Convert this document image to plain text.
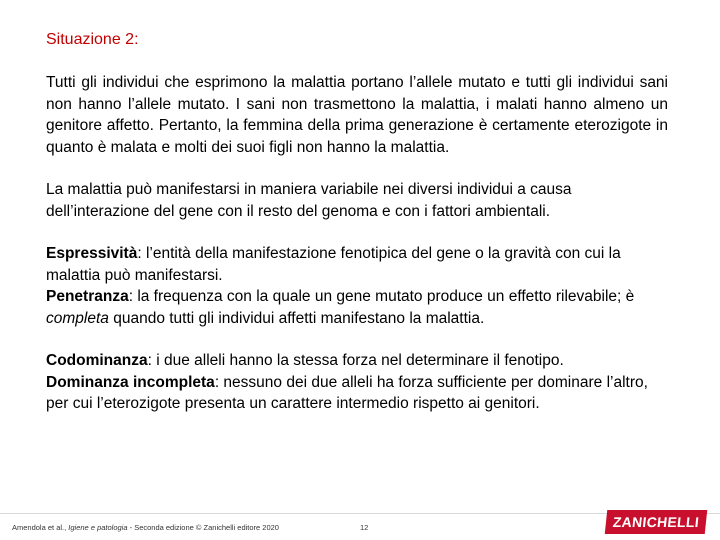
Situazione 2:

Tutti gli individui che esprimono la malattia portano l’allele mutato e tutti gli individui sani non hanno l’allele mutato. I sani non trasmettono la malattia, i malati hanno almeno un genitore affetto. Pertanto, la femmina della prima generazione è certamente eterozigote in quanto è malata e molti dei suoi figli non hanno la malattia.

La malattia può manifestarsi in maniera variabile nei diversi individui a causa dell’interazione del gene con il resto del genoma e con i fattori ambientali.

Espressività: l’entità della manifestazione fenotipica del gene o la gravità con cui la malattia può manifestarsi.

Penetranza: la frequenza con la quale un gene mutato produce un effetto rilevabile; è completa quando tutti gli individui affetti manifestano la malattia.

Codominanza: i due alleli hanno la stessa forza nel determinare il fenotipo.

Dominanza incompleta: nessuno dei due alleli ha forza sufficiente per dominare l’altro, per cui l’eterozigote presenta un carattere intermedio rispetto ai genitori.

Amendola et al., Igiene e patologia - Seconda edizione © Zanichelli editore 2020	12	ZANICHELLI
